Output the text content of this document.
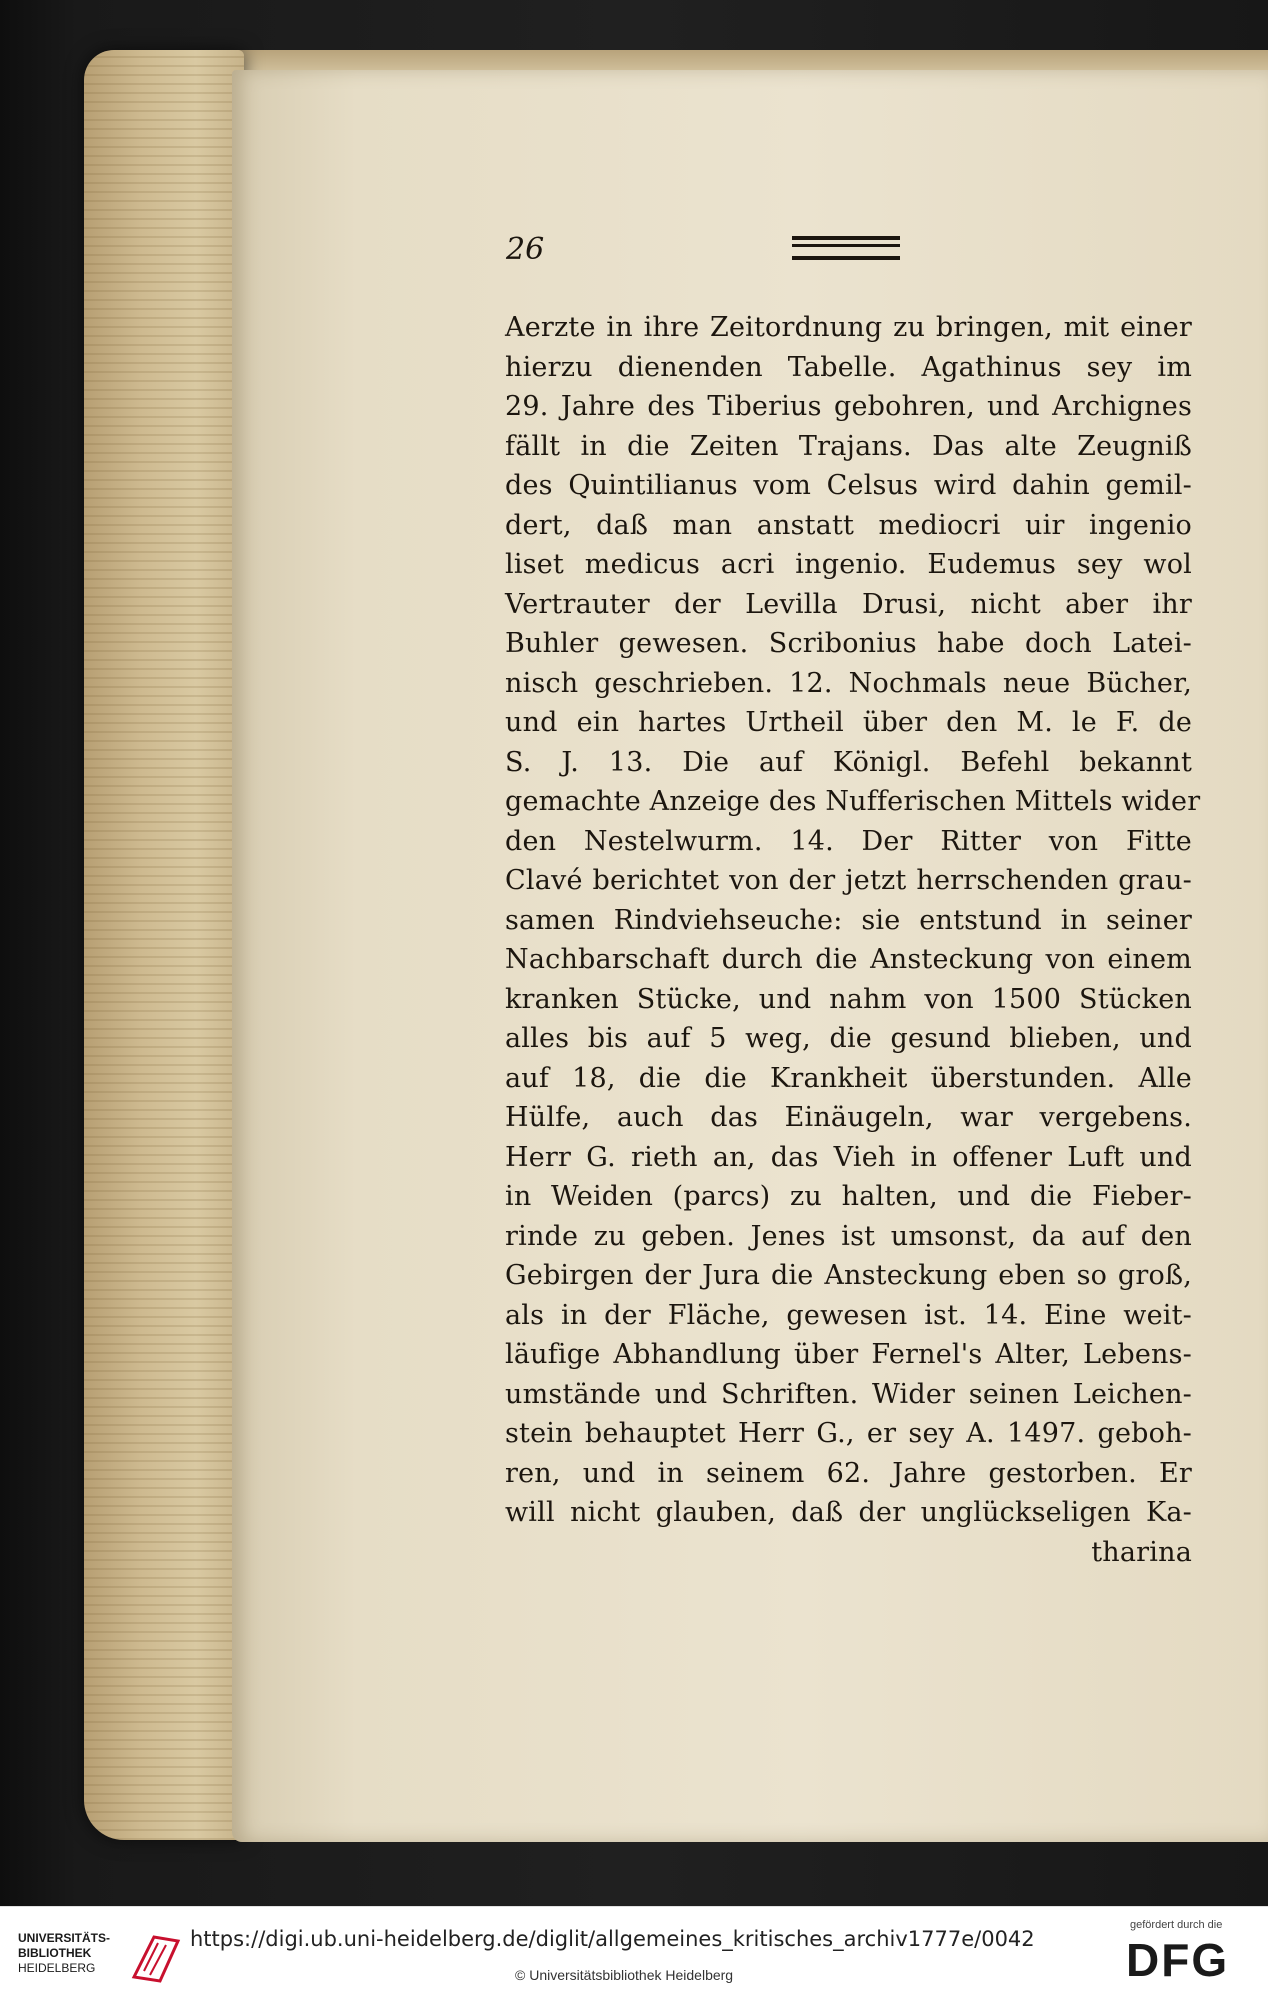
26
Aerzte in ihre Zeitordnung zu bringen, mit einer
hierzu dienenden Tabelle. Agathinus sey im
29. Jahre des Tiberius gebohren, und Archignes
fällt in die Zeiten Trajans. Das alte Zeugniß
des Quintilianus vom Celsus wird dahin gemil-
dert, daß man anstatt mediocri uir ingenio
liset medicus acri ingenio. Eudemus sey wol
Vertrauter der Levilla Drusi, nicht aber ihr
Buhler gewesen. Scribonius habe doch Latei-
nisch geschrieben. 12. Nochmals neue Bücher,
und ein hartes Urtheil über den M. le F. de
S. J. 13. Die auf Königl. Befehl bekannt
gemachte Anzeige des Nufferischen Mittels wider
den Nestelwurm. 14. Der Ritter von Fitte
Clavé berichtet von der jetzt herrschenden grau-
samen Rindviehseuche: sie entstund in seiner
Nachbarschaft durch die Ansteckung von einem
kranken Stücke, und nahm von 1500 Stücken
alles bis auf 5 weg, die gesund blieben, und
auf 18, die die Krankheit überstunden. Alle
Hülfe, auch das Einäugeln, war vergebens.
Herr G. rieth an, das Vieh in offener Luft und
in Weiden (parcs) zu halten, und die Fieber-
rinde zu geben. Jenes ist umsonst, da auf den
Gebirgen der Jura die Ansteckung eben so groß,
als in der Fläche, gewesen ist. 14. Eine weit-
läufige Abhandlung über Fernel's Alter, Lebens-
umstände und Schriften. Wider seinen Leichen-
stein behauptet Herr G., er sey A. 1497. geboh-
ren, und in seinem 62. Jahre gestorben. Er
will nicht glauben, daß der unglückseligen Ka-
tharina
UNIVERSITÄTS-
BIBLIOTHEK
HEIDELBERG
https://digi.ub.uni-heidelberg.de/diglit/allgemeines_kritisches_archiv1777e/0042
© Universitätsbibliothek Heidelberg
gefördert durch die
DFG
